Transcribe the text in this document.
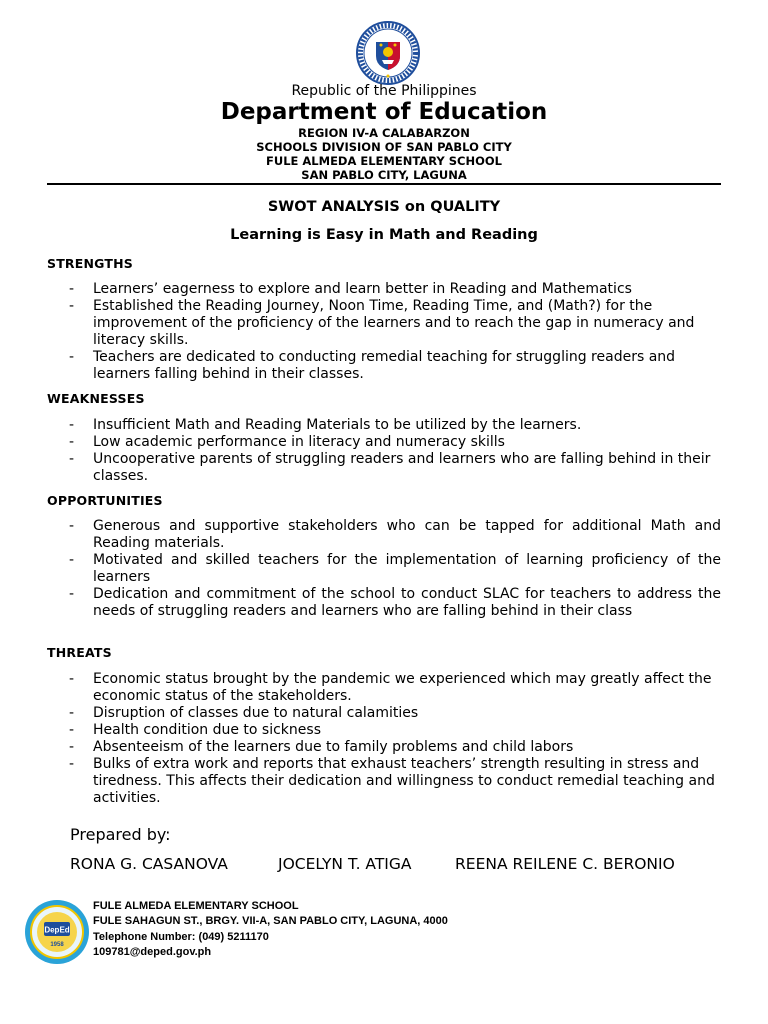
Republic of the Philippines
Department of Education
REGION IV-A CALABARZON
SCHOOLS DIVISION OF SAN PABLO CITY
FULE ALMEDA ELEMENTARY SCHOOL
SAN PABLO CITY, LAGUNA
SWOT ANALYSIS on QUALITY
Learning is Easy in Math and Reading
STRENGTHS
- Learners’ eagerness to explore and learn better in Reading and Mathematics
- Established the Reading Journey, Noon Time, Reading Time, and (Math?) for the improvement of the proficiency of the learners and to reach the gap in numeracy and literacy skills.
- Teachers are dedicated to conducting remedial teaching for struggling readers and learners falling behind in their classes.
WEAKNESSES
- Insufficient Math and Reading Materials to be utilized by the learners.
- Low academic performance in literacy and numeracy skills
- Uncooperative parents of struggling readers and learners who are falling behind in their classes.
OPPORTUNITIES
- Generous and supportive stakeholders who can be tapped for additional Math and Reading materials.
- Motivated and skilled teachers for the implementation of learning proficiency of the learners
- Dedication and commitment of the school to conduct SLAC for teachers to address the needs of struggling readers and learners who are falling behind in their class
THREATS
- Economic status brought by the pandemic we experienced which may greatly affect the economic status of the stakeholders.
- Disruption of classes due to natural calamities
- Health condition due to sickness
- Absenteeism of the learners due to family problems and child labors
- Bulks of extra work and reports that exhaust teachers’ strength resulting in stress and tiredness. This affects their dedication and willingness to conduct remedial teaching and activities.
Prepared by:
RONA G. CASANOVA	JOCELYN T. ATIGA	REENA REILENE C. BERONIO
DepEd
1958
FULE ALMEDA ELEMENTARY SCHOOL
FULE SAHAGUN ST., BRGY. VII-A, SAN PABLO CITY, LAGUNA, 4000
Telephone Number: (049) 5211170
109781@deped.gov.ph
